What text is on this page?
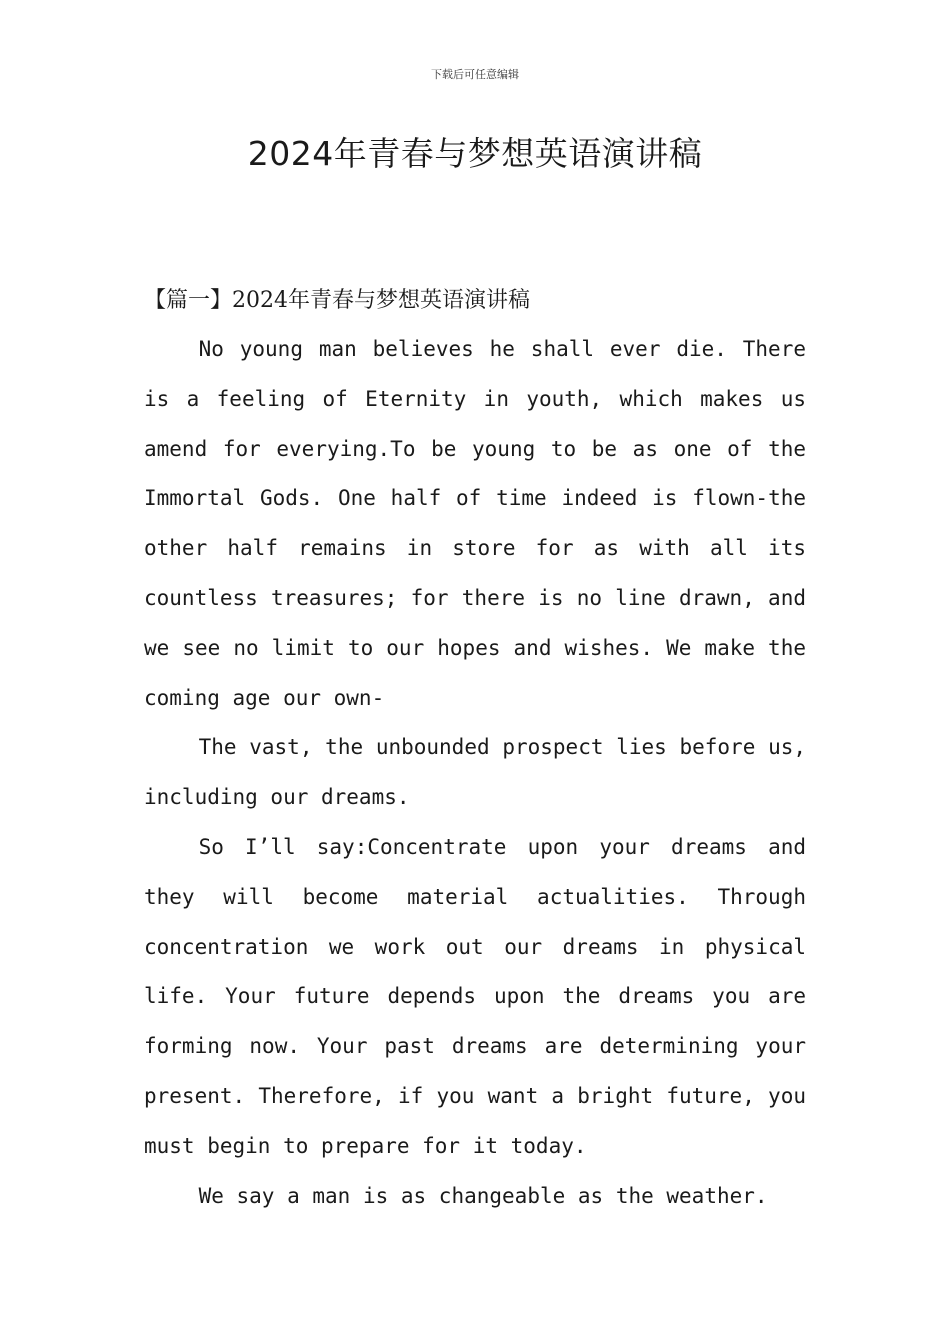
下载后可任意编辑
2024年青春与梦想英语演讲稿
【篇一】2024年青春与梦想英语演讲稿

No young man believes he shall ever die. There is a feeling of Eternity in youth, which makes us amend for everying.To be young to be as one of the Immortal Gods. One half of time indeed is flown-the other half remains in store for as with all its countless treasures; for there is no line drawn, and we see no limit to our hopes and wishes. We make the coming age our own-

The vast, the unbounded prospect lies before us, including our dreams.

So I’ll say:Concentrate upon your dreams and they will become material actualities. Through concentration we work out our dreams in physical life. Your future depends upon the dreams you are forming now. Your past dreams are determining your present. Therefore, if you want a bright future, you must begin to prepare for it today.

We say a man is as changeable as the weather.
